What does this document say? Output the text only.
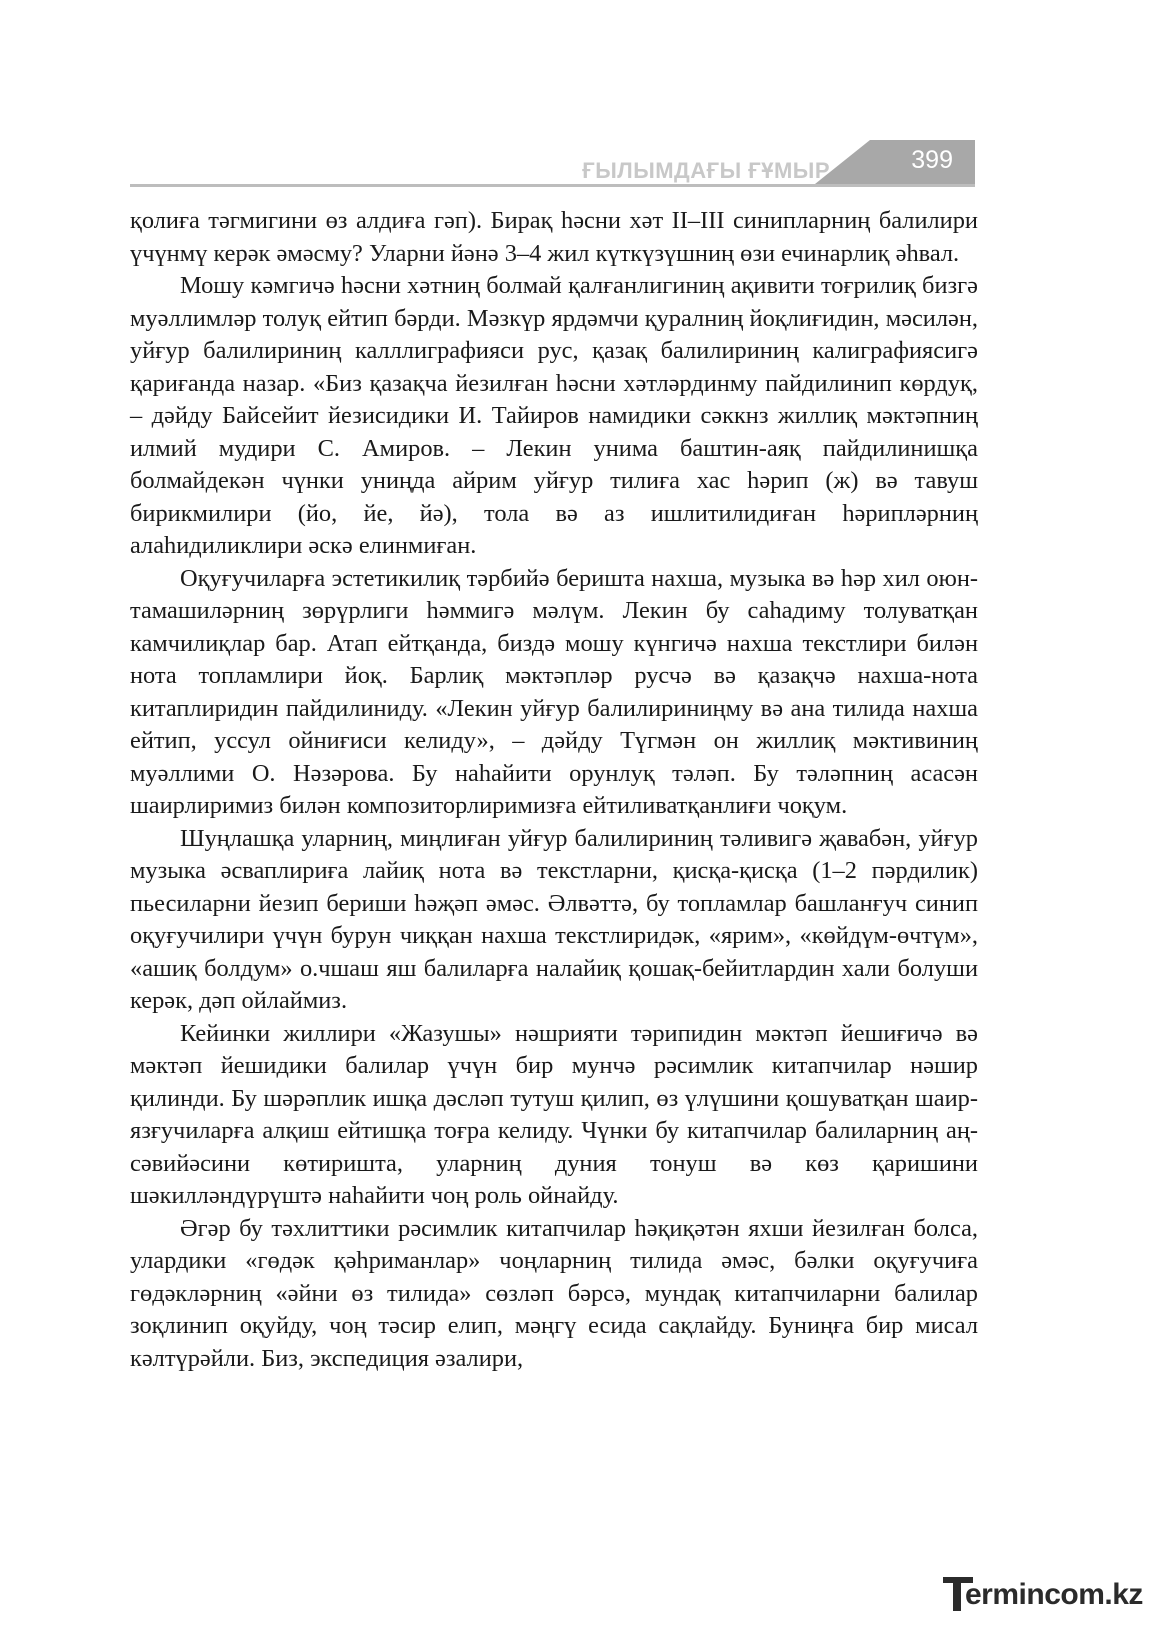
ҒЫЛЫМДАҒЫ ҒҰМЫР	399

қолиға тәгмигини өз алдиға гәп). Бирақ һәсни хәт II–III синипларниң балилири үчүнмү керәк әмәсму? Уларни йәнә 3–4 жил күткүзүшниң өзи ечинарлиқ әһвал.

Мошу кәмгичә һәсни хәтниң болмай қалғанлигиниң ақивити тоғрилиқ бизгә муәллимләр толуқ ейтип бәрди. Мәзкүр ярдәмчи қуралниң йоқлиғидин, мәсилән, уйғур балилириниң калллиграфияси рус, қазақ балилириниң калиграфиясигә қариғанда назар. «Биз қазақча йезилған һәсни хәтләрдинму пайдилинип көрдуқ, – дәйду Байсейит йезисидики И. Тайиров намидики сәккнз жиллиқ мәктәпниң илмий мудири С. Амиров. – Лекин унима баштин-аяқ пайдилинишқа болмайдекән чүнки униңда айрим уйғур тилиға хас һәрип (ж) вә тавуш бирикмилири (йо, йе, йә), тола вә аз ишлитилидиған һәрипләрниң алаһидиликлири әскә елинмиған.

Оқуғучиларға эстетикилиқ тәрбийә беришта нахша, музыка вә һәр хил оюн-тамашиләрниң зөрүрлиги һәммигә мәлүм. Лекин бу саһадиму толуватқан камчилиқлар бар. Атап ейтқанда, биздә мошу күнгичә нахша текстлири билән нота топламлири йоқ. Барлиқ мәктәпләр русчә вә қазақчә нахша-нота китаплиридин пайдилиниду. «Лекин уйғур балилириниңму вә ана тилида нахша ейтип, уссул ойниғиси келиду», – дәйду Түгмән он жиллиқ мәктивиниң муәллими О. Нәзәрова. Бу наһайити орунлуқ тәләп. Бу тәләпниң асасән шаирлиримиз билән композиторлиримизға ейтиливатқанлиғи чоқум.

Шуңлашқа уларниң, миңлиған уйғур балилириниң тәливигә җавабән, уйғур музыка әсваплириға лайиқ нота вә текстларни, қисқа-қисқа (1–2 пәрдилик) пьесиларни йезип бериши һәҗәп әмәс. Әлвәттә, бу топламлар башланғуч синип оқуғучилири үчүн бурун чиққан нахша текстлиридәк, «ярим», «көйдүм-өчтүм», «ашиқ болдум» о.чшаш яш балиларға налайиқ қошақ-бейитлардин хали болуши керәк, дәп ойлаймиз.

Кейинки жиллири «Жазушы» нәшрияти тәрипидин мәктәп йешиғичә вә мәктәп йешидики балилар үчүн бир мунчә рәсимлик китапчилар нәшир қилинди. Бу шәрәплик ишқа дәсләп тутуш қилип, өз үлүшини қошуватқан шаир-язғучиларға алқиш ейтишқа тоғра келиду. Чүнки бу китапчилар балиларниң аң-сәвийәсини көтиришта, уларниң дуния тонуш вә көз қаришини шәкилләндүрүштә наһайити чоң роль ойнайду.

Әгәр бу тәхлиттики рәсимлик китапчилар һәқиқәтән яхши йезилған болса, улардики «гөдәк қәһриманлар» чоңларниң тилида әмәс, бәлки оқуғучиға гөдәкләрниң «әйни өз тилида» сөзләп бәрсә, мундақ китапчиларни балилар зоқлинип оқуйду, чоң тәсир елип, мәңгү есида сақлайду. Буниңға бир мисал кәлтүрәйли. Биз, экспедиция әзалири,

ermincom.kz
